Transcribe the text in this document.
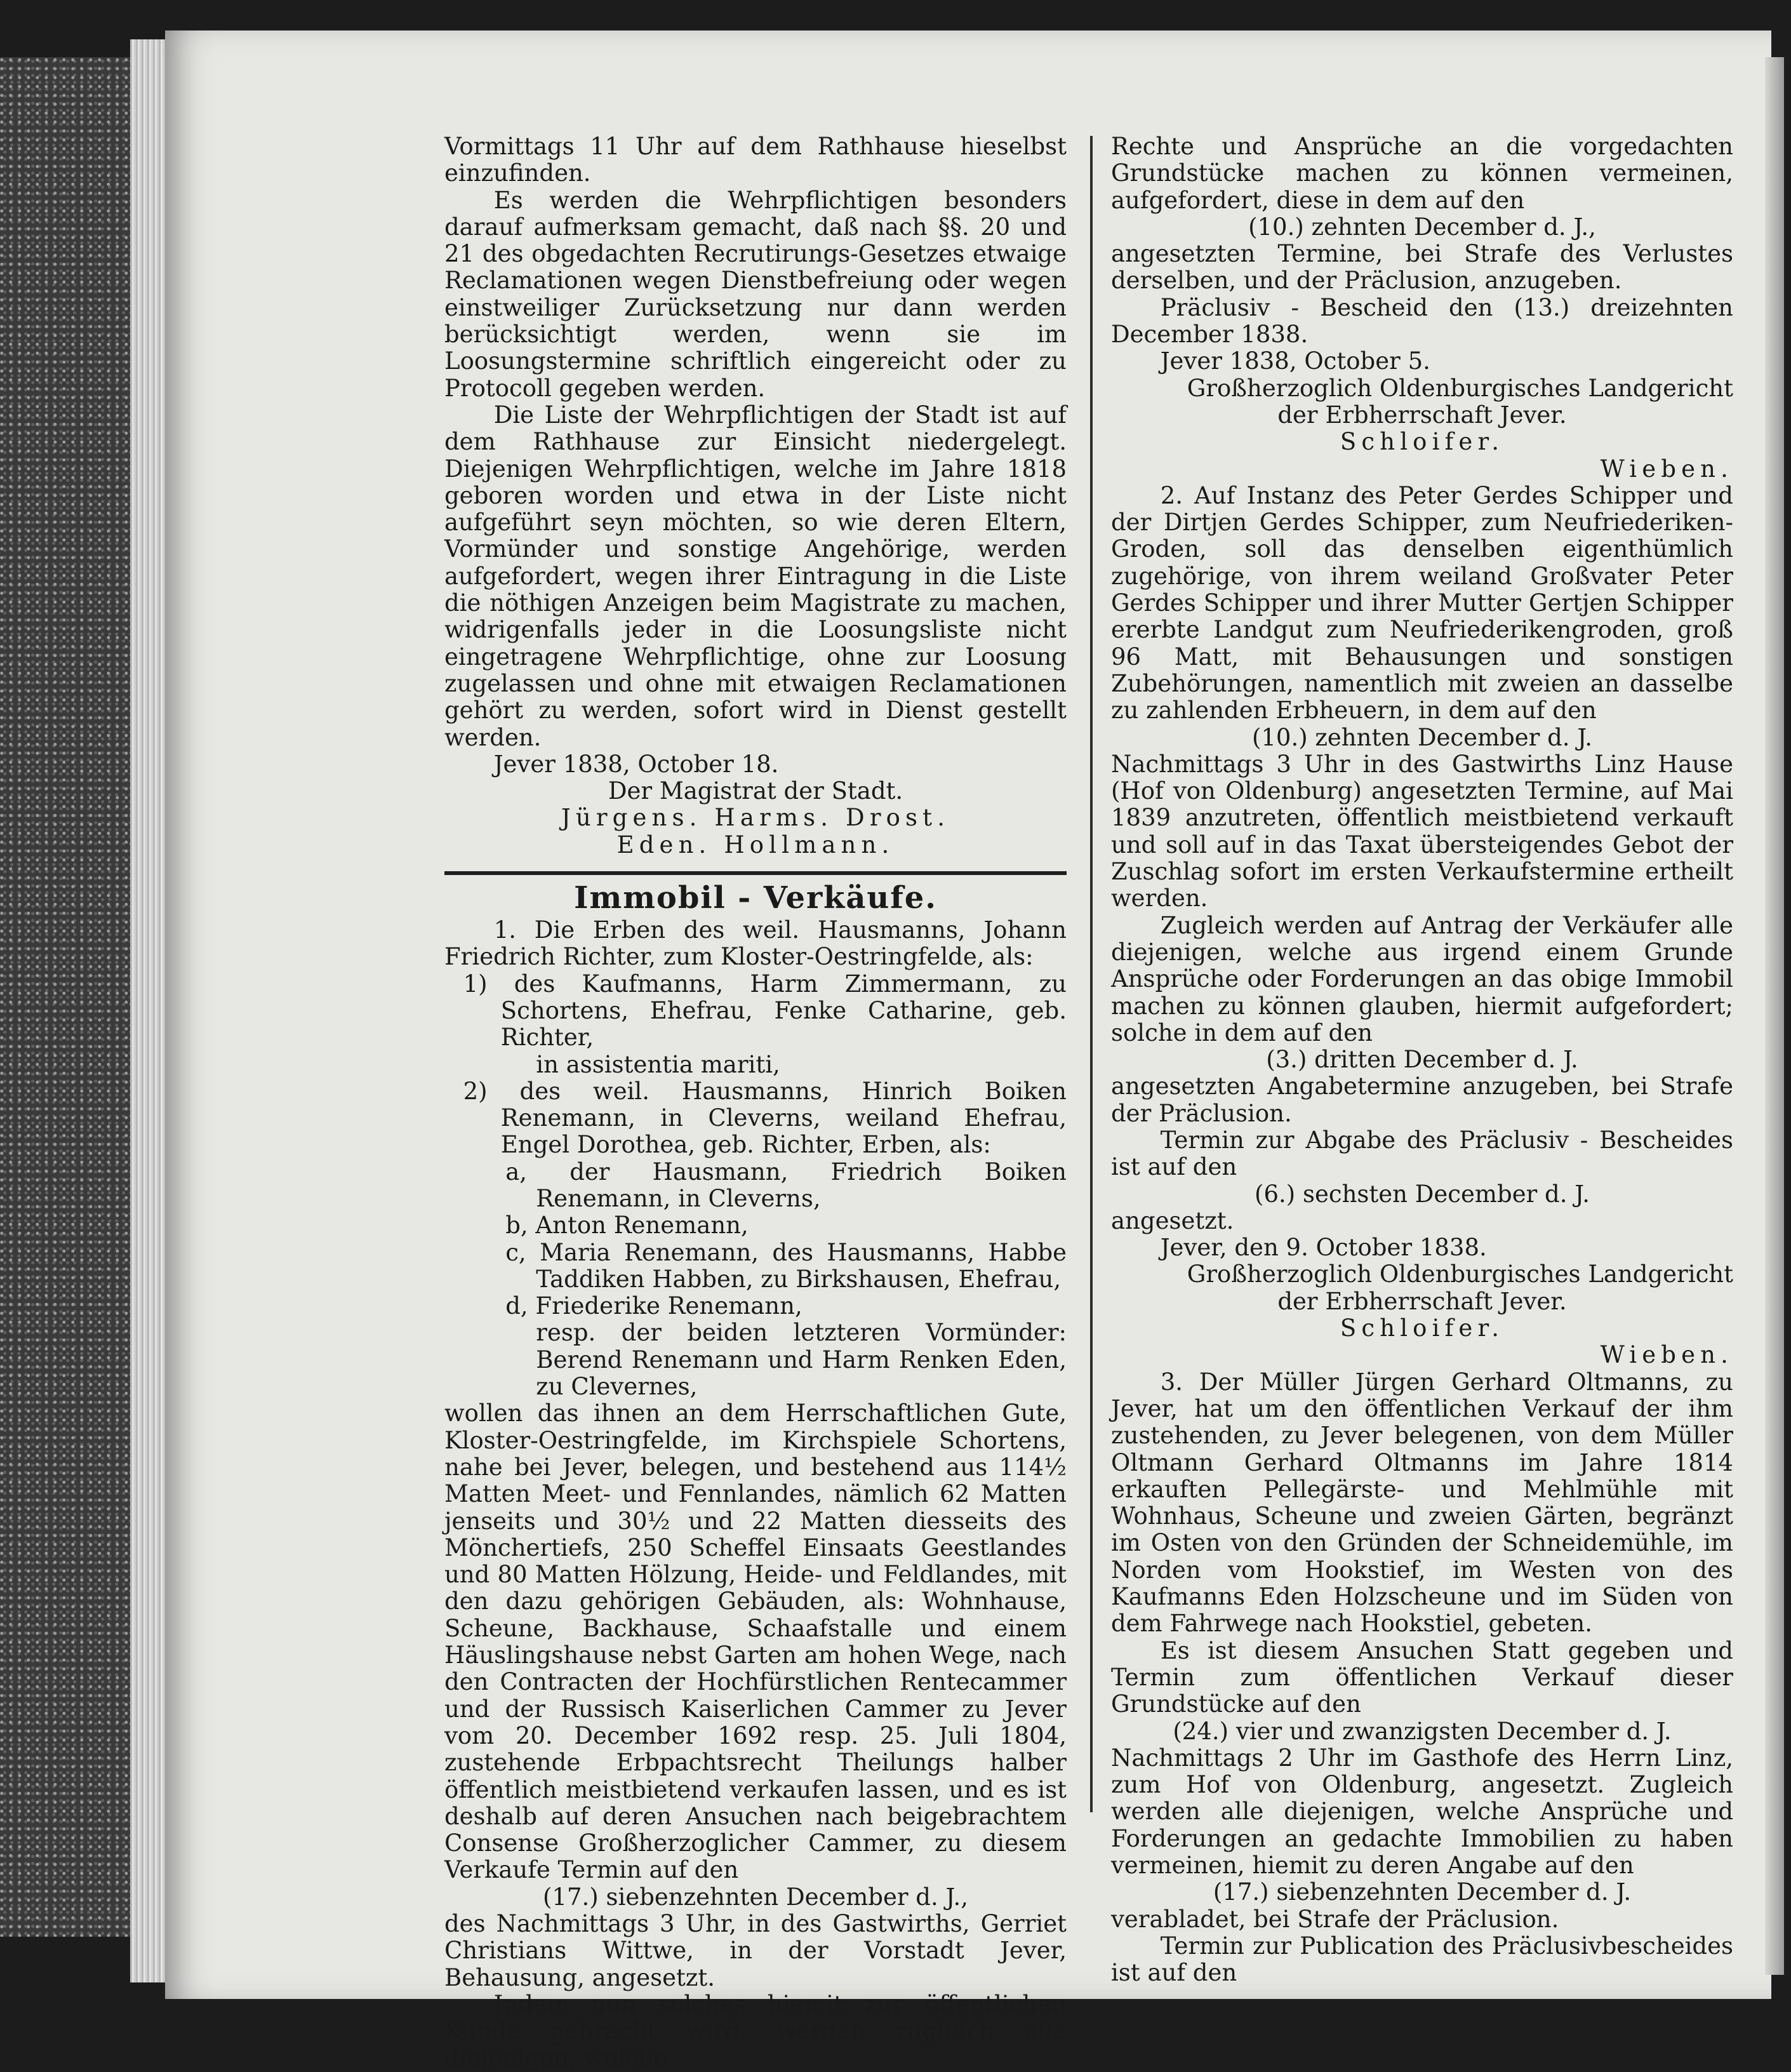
Vormittags 11 Uhr auf dem Rathhause hieselbst einzufinden.

Es werden die Wehrpflichtigen besonders darauf aufmerksam gemacht, daß nach §§. 20 und 21 des obgedachten Recrutirungs-Gesetzes etwaige Reclamationen wegen Dienstbefreiung oder wegen einstweiliger Zurücksetzung nur dann werden berücksichtigt werden, wenn sie im Loosungstermine schriftlich eingereicht oder zu Protocoll gegeben werden.

Die Liste der Wehrpflichtigen der Stadt ist auf dem Rathhause zur Einsicht niedergelegt. Diejenigen Wehrpflichtigen, welche im Jahre 1818 geboren worden und etwa in der Liste nicht aufgeführt seyn möchten, so wie deren Eltern, Vormünder und sonstige Angehörige, werden aufgefordert, wegen ihrer Eintragung in die Liste die nöthigen Anzeigen beim Magistrate zu machen, widrigenfalls jeder in die Loosungsliste nicht eingetragene Wehrpflichtige, ohne zur Loosung zugelassen und ohne mit etwaigen Reclamationen gehört zu werden, sofort wird in Dienst gestellt werden.

Jever 1838, October 18.

Der Magistrat der Stadt.

Jürgens. Harms. Drost.

Eden. Hollmann.

Immobil - Verkäufe.

1. Die Erben des weil. Hausmanns, Johann Friedrich Richter, zum Kloster-Oestringfelde, als:

1) des Kaufmanns, Harm Zimmermann, zu Schortens, Ehefrau, Fenke Catharine, geb. Richter,

in assistentia mariti,

2) des weil. Hausmanns, Hinrich Boiken Renemann, in Cleverns, weiland Ehefrau, Engel Dorothea, geb. Richter, Erben, als:

a, der Hausmann, Friedrich Boiken Renemann, in Cleverns,

b, Anton Renemann,

c, Maria Renemann, des Hausmanns, Habbe Taddiken Habben, zu Birkshausen, Ehefrau,

d, Friederike Renemann,

resp. der beiden letzteren Vormünder: Berend Renemann und Harm Renken Eden, zu Clevernes,

wollen das ihnen an dem Herrschaftlichen Gute, Kloster-Oestringfelde, im Kirchspiele Schortens, nahe bei Jever, belegen, und bestehend aus 114½ Matten Meet- und Fennlandes, nämlich 62 Matten jenseits und 30½ und 22 Matten diesseits des Mönchertiefs, 250 Scheffel Einsaats Geestlandes und 80 Matten Hölzung, Heide- und Feldlandes, mit den dazu gehörigen Gebäuden, als: Wohnhause, Scheune, Backhause, Schaafstalle und einem Häuslingshause nebst Garten am hohen Wege, nach den Contracten der Hochfürstlichen Rentecammer und der Russisch Kaiserlichen Cammer zu Jever vom 20. December 1692 resp. 25. Juli 1804, zustehende Erbpachtsrecht Theilungs halber öffentlich meistbietend verkaufen lassen, und es ist deshalb auf deren Ansuchen nach beigebrachtem Consense Großherzoglicher Cammer, zu diesem Verkaufe Termin auf den

(17.) siebenzehnten December d. J.,

des Nachmittags 3 Uhr, in des Gastwirths, Gerriet Christians Wittwe, in der Vorstadt Jever, Behausung, angesetzt.

Indem nun solches hiemit zur öffentlichen Kunde gebracht wird, werden zugleich alle diejenigen, welche

Rechte und Ansprüche an die vorgedachten Grundstücke machen zu können vermeinen, aufgefordert, diese in dem auf den

(10.) zehnten December d. J.,

angesetzten Termine, bei Strafe des Verlustes derselben, und der Präclusion, anzugeben.

Präclusiv - Bescheid den (13.) dreizehnten December 1838.

Jever 1838, October 5.

Großherzoglich Oldenburgisches Landgericht

der Erbherrschaft Jever.

Schloifer.

Wieben.

2. Auf Instanz des Peter Gerdes Schipper und der Dirtjen Gerdes Schipper, zum Neufriederiken-Groden, soll das denselben eigenthümlich zugehörige, von ihrem weiland Großvater Peter Gerdes Schipper und ihrer Mutter Gertjen Schipper ererbte Landgut zum Neufriederikengroden, groß 96 Matt, mit Behausungen und sonstigen Zubehörungen, namentlich mit zweien an dasselbe zu zahlenden Erbheuern, in dem auf den

(10.) zehnten December d. J.

Nachmittags 3 Uhr in des Gastwirths Linz Hause (Hof von Oldenburg) angesetzten Termine, auf Mai 1839 anzutreten, öffentlich meistbietend verkauft und soll auf in das Taxat übersteigendes Gebot der Zuschlag sofort im ersten Verkaufstermine ertheilt werden.

Zugleich werden auf Antrag der Verkäufer alle diejenigen, welche aus irgend einem Grunde Ansprüche oder Forderungen an das obige Immobil machen zu können glauben, hiermit aufgefordert; solche in dem auf den

(3.) dritten December d. J.

angesetzten Angabetermine anzugeben, bei Strafe der Präclusion.

Termin zur Abgabe des Präclusiv - Bescheides ist auf den

(6.) sechsten December d. J.

angesetzt.

Jever, den 9. October 1838.

Großherzoglich Oldenburgisches Landgericht

der Erbherrschaft Jever.

Schloifer.

Wieben.

3. Der Müller Jürgen Gerhard Oltmanns, zu Jever, hat um den öffentlichen Verkauf der ihm zustehenden, zu Jever belegenen, von dem Müller Oltmann Gerhard Oltmanns im Jahre 1814 erkauften Pellegärste- und Mehlmühle mit Wohnhaus, Scheune und zweien Gärten, begränzt im Osten von den Gründen der Schneidemühle, im Norden vom Hookstief, im Westen von des Kaufmanns Eden Holzscheune und im Süden von dem Fahrwege nach Hookstiel, gebeten.

Es ist diesem Ansuchen Statt gegeben und Termin zum öffentlichen Verkauf dieser Grundstücke auf den

(24.) vier und zwanzigsten December d. J.

Nachmittags 2 Uhr im Gasthofe des Herrn Linz, zum Hof von Oldenburg, angesetzt. Zugleich werden alle diejenigen, welche Ansprüche und Forderungen an gedachte Immobilien zu haben vermeinen, hiemit zu deren Angabe auf den

(17.) siebenzehnten December d. J.

verabladet, bei Strafe der Präclusion.

Termin zur Publication des Präclusivbescheides ist auf den
